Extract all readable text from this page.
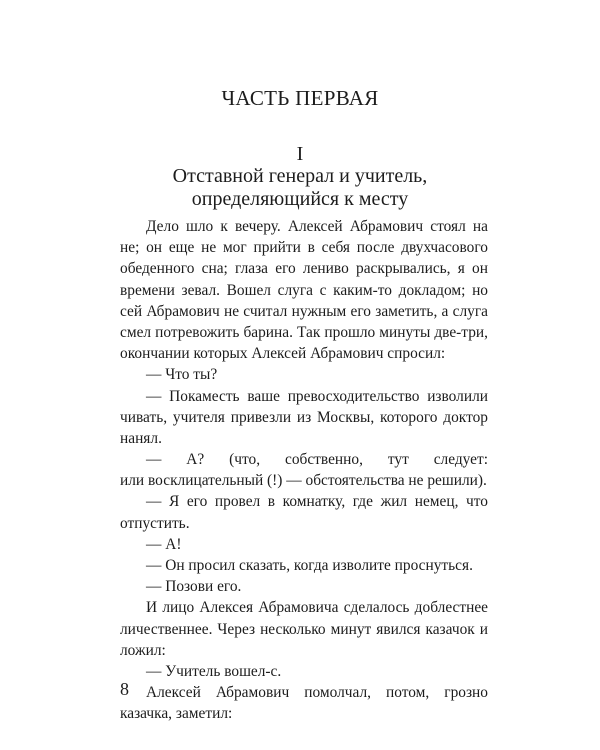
ЧАСТЬ ПЕРВАЯ
I
Отставной генерал и учитель,
определяющийся к месту
Дело шло к вечеру. Алексей Абрамович стоял на
не; он еще не мог прийти в себя после двухчасового
обеденного сна; глаза его лениво раскрывались, я он
времени зевал. Вошел слуга с каким-то докладом; но
сей Абрамович не считал нужным его заметить, а слуга
смел потревожить барина. Так прошло минуты две-три,
окончании которых Алексей Абрамович спросил:
— Что ты?
— Покаместь ваше превосходительство изволили
чивать, учителя привезли из Москвы, которого доктор
нанял.
— А? (что, собственно, тут следует:
или восклицательный (!) — обстоятельства не решили).
— Я его провел в комнатку, где жил немец, что
отпустить.
— А!
— Он просил сказать, когда изволите проснуться.
— Позови его.
И лицо Алексея Абрамовича сделалось доблестнее
личественнее. Через несколько минут явился казачок и
ложил:
— Учитель вошел-с.
Алексей Абрамович помолчал, потом, грозно
казачка, заметил:
8
